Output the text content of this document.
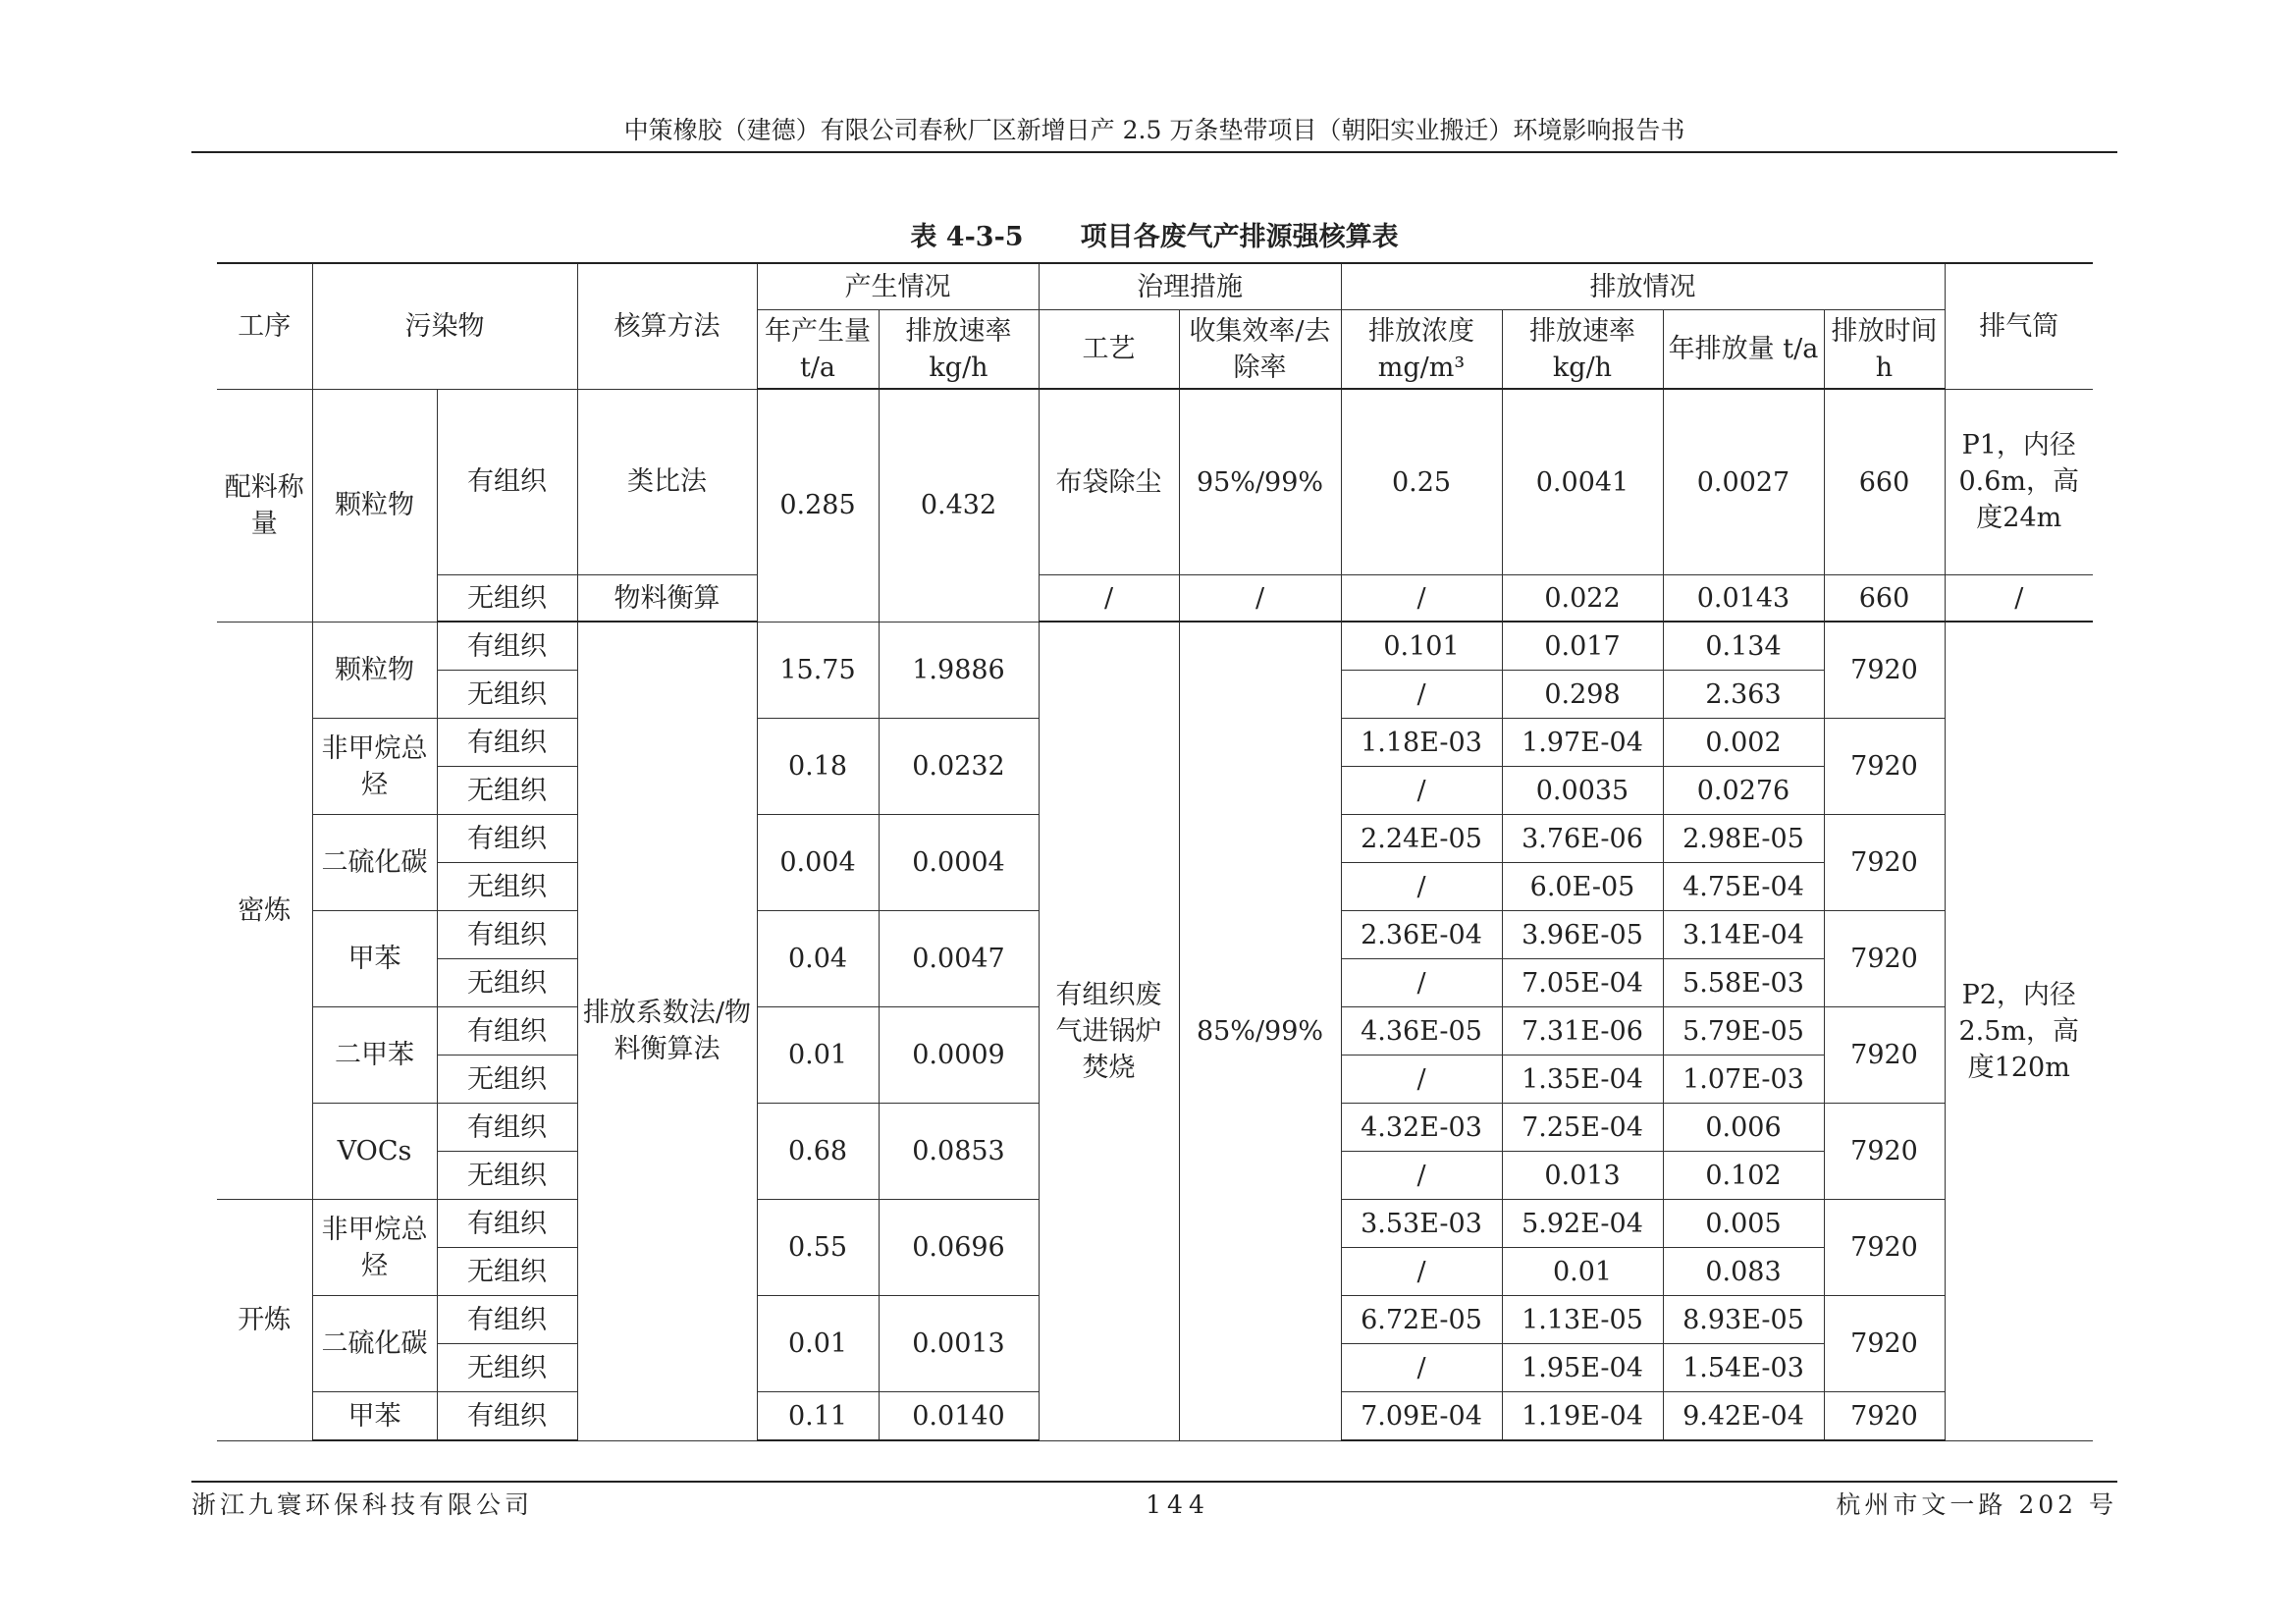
中策橡胶（建德）有限公司春秋厂区新增日产 2.5 万条垫带项目（朝阳实业搬迁）环境影响报告书
表 4-3-5 项目各废气产排源强核算表
工序	污染物		核算方法	产生情况		治理措施		排放情况				排气筒
				年产生量 t/a	排放速率 kg/h	工艺	收集效率/去除率	排放浓度 mg/m³	排放速率 kg/h	年排放量 t/a	排放时间 h	
配料称量	颗粒物	有组织	类比法	0.285	0.432	布袋除尘	95%/99%	0.25	0.0041	0.0027	660	P1，内径0.6m，高度24m
		无组织	物料衡算			/	/	/	0.022	0.0143	660	/
密炼	颗粒物	有组织	排放系数法/物料衡算法	15.75	1.9886	有组织废气进锅炉焚烧	85%/99%	0.101	0.017	0.134	7920	P2，内径2.5m，高度120m
		无组织						/	0.298	2.363		
	非甲烷总烃	有组织		0.18	0.0232			1.18E-03	1.97E-04	0.002	7920	
		无组织						/	0.0035	0.0276		
	二硫化碳	有组织		0.004	0.0004			2.24E-05	3.76E-06	2.98E-05	7920	
		无组织						/	6.0E-05	4.75E-04		
	甲苯	有组织		0.04	0.0047			2.36E-04	3.96E-05	3.14E-04	7920	
		无组织						/	7.05E-04	5.58E-03		
	二甲苯	有组织		0.01	0.0009			4.36E-05	7.31E-06	5.79E-05	7920	
		无组织						/	1.35E-04	1.07E-03		
	VOCs	有组织		0.68	0.0853			4.32E-03	7.25E-04	0.006	7920	
		无组织						/	0.013	0.102		
开炼	非甲烷总烃	有组织		0.55	0.0696			3.53E-03	5.92E-04	0.005	7920	
		无组织						/	0.01	0.083		
	二硫化碳	有组织		0.01	0.0013			6.72E-05	1.13E-05	8.93E-05	7920	
		无组织						/	1.95E-04	1.54E-03		
	甲苯	有组织		0.11	0.0140			7.09E-04	1.19E-04	9.42E-04	7920	
浙江九寰环保科技有限公司	144	杭州市文一路 202 号
